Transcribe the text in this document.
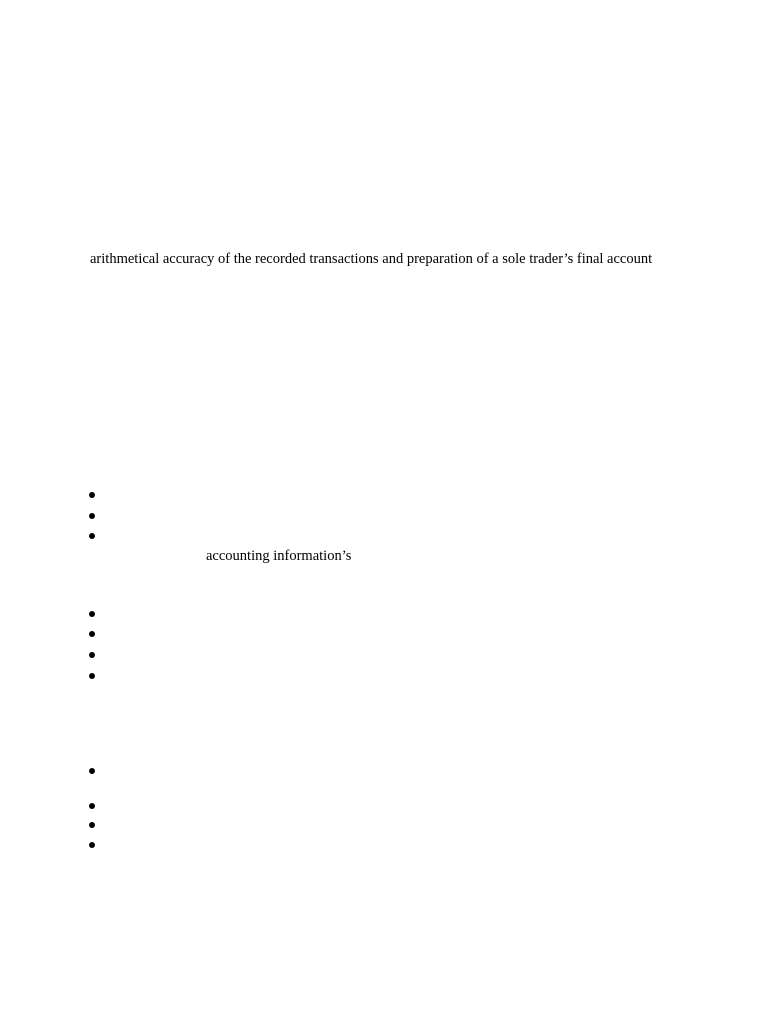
arithmetical accuracy of the recorded transactions and preparation of a sole trader’s final account
accounting information’s
